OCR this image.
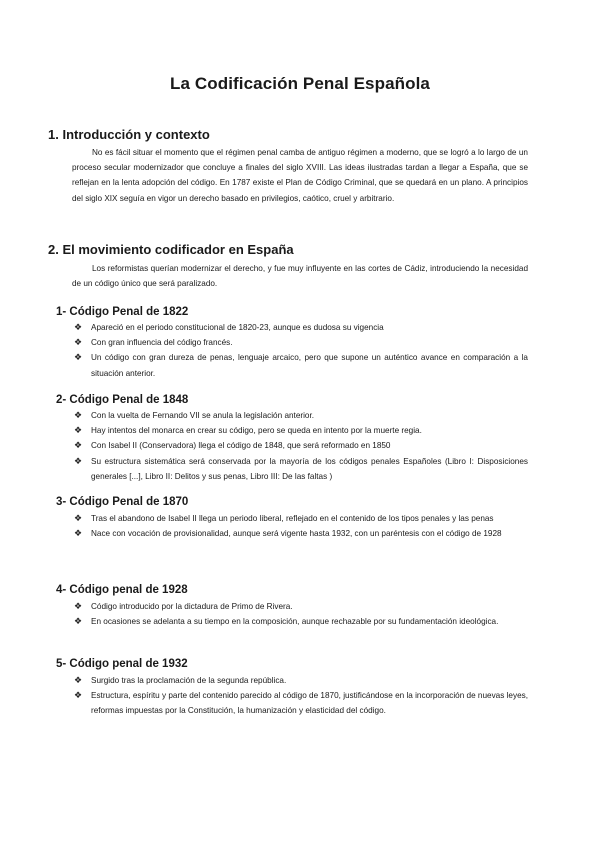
La Codificación Penal Española
1. Introducción y contexto
No es fácil situar el momento que el régimen penal camba de antiguo régimen a moderno, que se logró a lo largo de un proceso secular modernizador que concluye a finales del siglo XVIII. Las ideas ilustradas tardan a llegar a España, que se reflejan en la lenta adopción del código. En 1787 existe el Plan de Código Criminal, que se quedará en un plano. A principios del siglo XIX seguía en vigor un derecho basado en privilegios, caótico, cruel y arbitrario.
2. El movimiento codificador en España
Los reformistas querían modernizar el derecho, y fue muy influyente en las cortes de Cádiz, introduciendo la necesidad de un código único que será paralizado.
1- Código Penal de 1822
❖ Apareció en el periodo constitucional de 1820-23, aunque es dudosa su vigencia
❖ Con gran influencia del código francés.
❖ Un código con gran dureza de penas, lenguaje arcaico, pero que supone un auténtico avance en comparación a la situación anterior.
2- Código Penal de 1848
❖ Con la vuelta de Fernando VII se anula la legislación anterior.
❖ Hay intentos del monarca en crear su código, pero se queda en intento por la muerte regia.
❖ Con Isabel II (Conservadora) llega el código de 1848, que será reformado en 1850
❖ Su estructura sistemática será conservada por la mayoría de los códigos penales Españoles (Libro I: Disposiciones generales [...], Libro II: Delitos y sus penas, Libro III: De las faltas )
3- Código Penal de 1870
❖ Tras el abandono de Isabel II llega un periodo liberal, reflejado en el contenido de los tipos penales y las penas
❖ Nace con vocación de provisionalidad, aunque será vigente hasta 1932, con un paréntesis con el código de 1928
4- Código penal de 1928
❖ Código introducido por la dictadura de Primo de Rivera.
❖ En ocasiones se adelanta a su tiempo en la composición, aunque rechazable por su fundamentación ideológica.
5- Código penal de 1932
❖ Surgido tras la proclamación de la segunda república.
❖ Estructura, espíritu y parte del contenido parecido al código de 1870, justificándose en la incorporación de nuevas leyes, reformas impuestas por la Constitución, la humanización y elasticidad del código.
